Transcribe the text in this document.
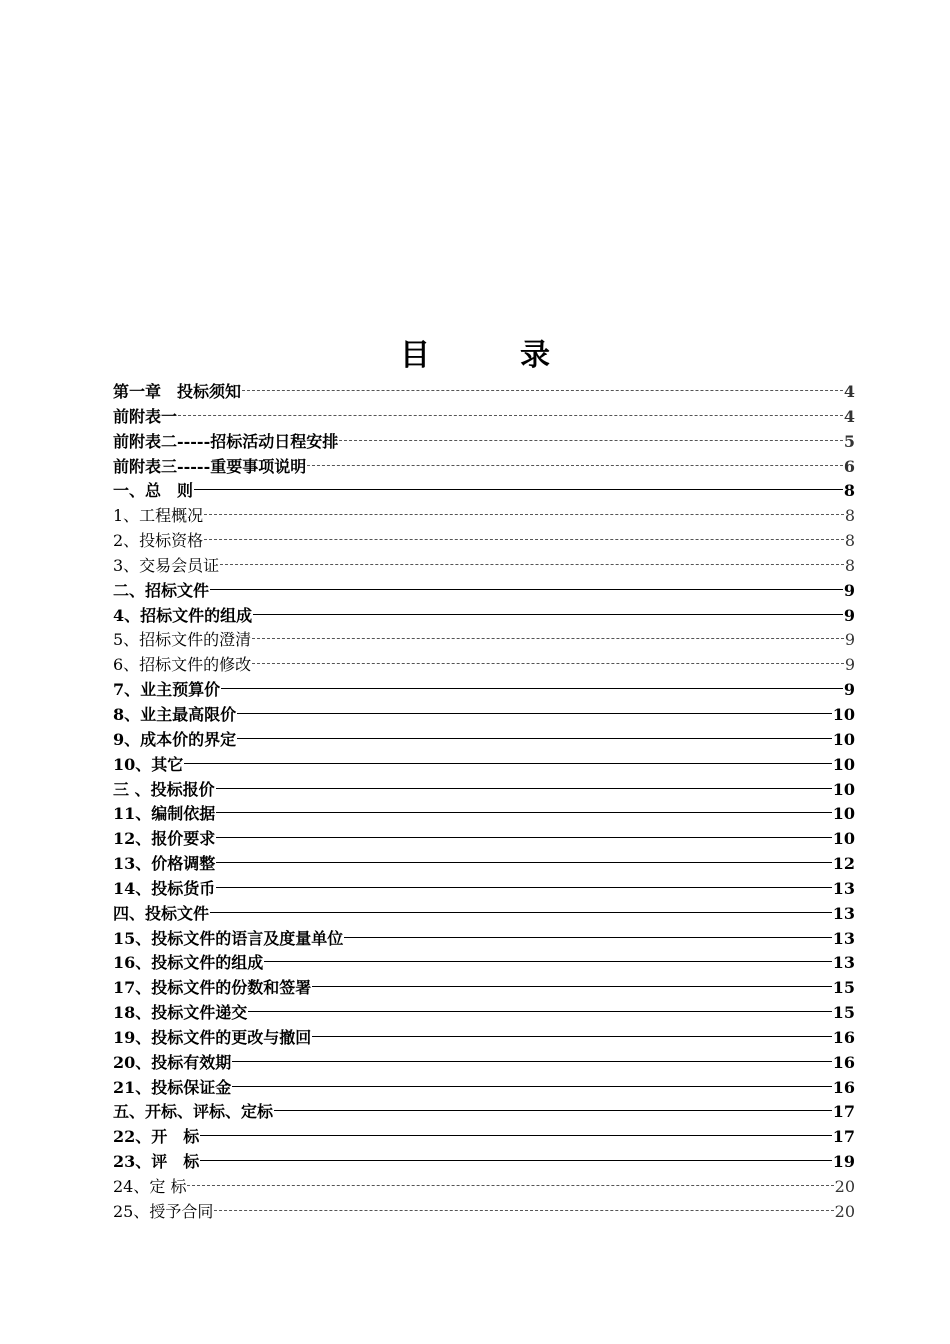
目　录
第一章　投标须知	4
前附表一	4
前附表二-----招标活动日程安排	5
前附表三-----重要事项说明	6
一、总　则	8
1、工程概况	8
2、投标资格	8
3、交易会员证	8
二、招标文件	9
4、招标文件的组成	9
5、招标文件的澄清	9
6、招标文件的修改	9
7、业主预算价	9
8、业主最高限价	10
9、成本价的界定	10
10、其它	10
三 、投标报价	10
11、编制依据	10
12、报价要求	10
13、价格调整	12
14、投标货币	13
四、投标文件	13
15、投标文件的语言及度量单位	13
16、投标文件的组成	13
17、投标文件的份数和签署	15
18、投标文件递交	15
19、投标文件的更改与撤回	16
20、投标有效期	16
21、投标保证金	16
五、开标、评标、定标	17
22、开　标	17
23、评　标	19
24、定 标	20
25、授予合同	20
